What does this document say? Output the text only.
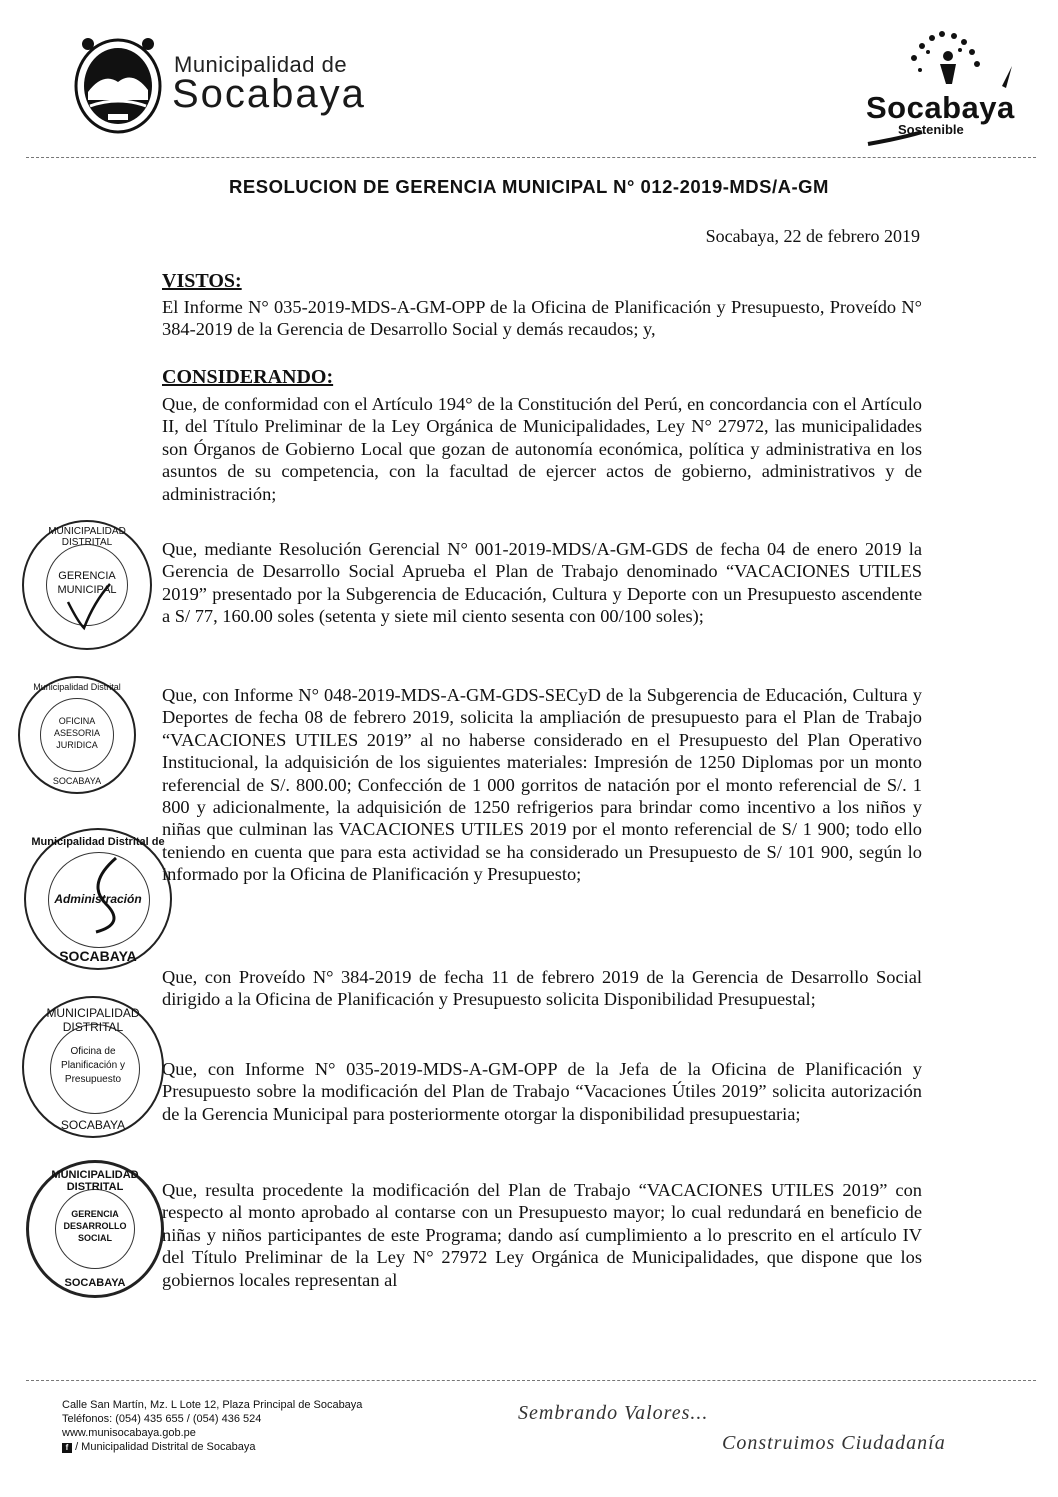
Municipalidad de
Socabaya	Socabaya
Sostenible
RESOLUCION DE GERENCIA MUNICIPAL N° 012-2019-MDS/A-GM
Socabaya, 22 de febrero 2019
VISTOS:
El Informe N° 035-2019-MDS-A-GM-OPP de la Oficina de Planificación y Presupuesto, Proveído N° 384-2019 de la Gerencia de Desarrollo Social y demás recaudos; y,
CONSIDERANDO:
Que, de conformidad con el Artículo 194° de la Constitución del Perú, en concordancia con el Artículo II, del Título Preliminar de la Ley Orgánica de Municipalidades, Ley N° 27972, las municipalidades son Órganos de Gobierno Local que gozan de autonomía económica, política y administrativa en los asuntos de su competencia, con la facultad de ejercer actos de gobierno, administrativos y de administración;
Que, mediante Resolución Gerencial N° 001-2019-MDS/A-GM-GDS de fecha 04 de enero 2019 la Gerencia de Desarrollo Social Aprueba el Plan de Trabajo denominado “VACACIONES UTILES 2019” presentado por la Subgerencia de Educación, Cultura y Deporte con un Presupuesto ascendente a S/ 77, 160.00 soles (setenta y siete mil ciento sesenta con 00/100 soles);
Que, con Informe N° 048-2019-MDS-A-GM-GDS-SECyD de la Subgerencia de Educación, Cultura y Deportes de fecha 08 de febrero 2019, solicita la ampliación de presupuesto para el Plan de Trabajo “VACACIONES UTILES 2019” al no haberse considerado en el Presupuesto del Plan Operativo Institucional, la adquisición de los siguientes materiales: Impresión de 1250 Diplomas por un monto referencial de S/. 800.00; Confección de 1 000 gorritos de natación por el monto referencial de S/. 1 800 y adicionalmente, la adquisición de 1250 refrigerios para brindar como incentivo a los niños y niñas que culminan las VACACIONES UTILES 2019 por el monto referencial de S/ 1 900; todo ello teniendo en cuenta que para esta actividad se ha considerado un Presupuesto de S/ 101 900, según lo informado por la Oficina de Planificación y Presupuesto;
Que, con Proveído N° 384-2019 de fecha 11 de febrero 2019 de la Gerencia de Desarrollo Social dirigido a la Oficina de Planificación y Presupuesto solicita Disponibilidad Presupuestal;
Que, con Informe N° 035-2019-MDS-A-GM-OPP de la Jefa de la Oficina de Planificación y Presupuesto sobre la modificación del Plan de Trabajo “Vacaciones Útiles 2019” solicita autorización de la Gerencia Municipal para posteriormente otorgar la disponibilidad presupuestaria;
Que, resulta procedente la modificación del Plan de Trabajo “VACACIONES UTILES 2019” con respecto al monto aprobado al contarse con un Presupuesto mayor; lo cual redundará en beneficio de niñas y niños participantes de este Programa; dando así cumplimiento a lo prescrito en el artículo IV del Título Preliminar de la Ley N° 27972 Ley Orgánica de Municipalidades, que dispone que los gobiernos locales representan al
MUNICIPALIDAD DISTRITAL
GERENCIA
MUNICIPAL
Municipalidad Distrital
OFICINA
ASESORIA
JURIDICA
SOCABAYA
Municipalidad Distrital de
Administración
SOCABAYA
MUNICIPALIDAD DISTRITAL
Oficina de
Planificación y
Presupuesto
SOCABAYA
MUNICIPALIDAD DISTRITAL
GERENCIA
DESARROLLO
SOCIAL
SOCABAYA
Calle San Martín, Mz. L Lote 12, Plaza Principal de Socabaya
Teléfonos: (054) 435 655 / (054) 436 524
www.munisocabaya.gob.pe
f / Municipalidad Distrital de Socabaya
Sembrando Valores...
Construimos Ciudadanía
